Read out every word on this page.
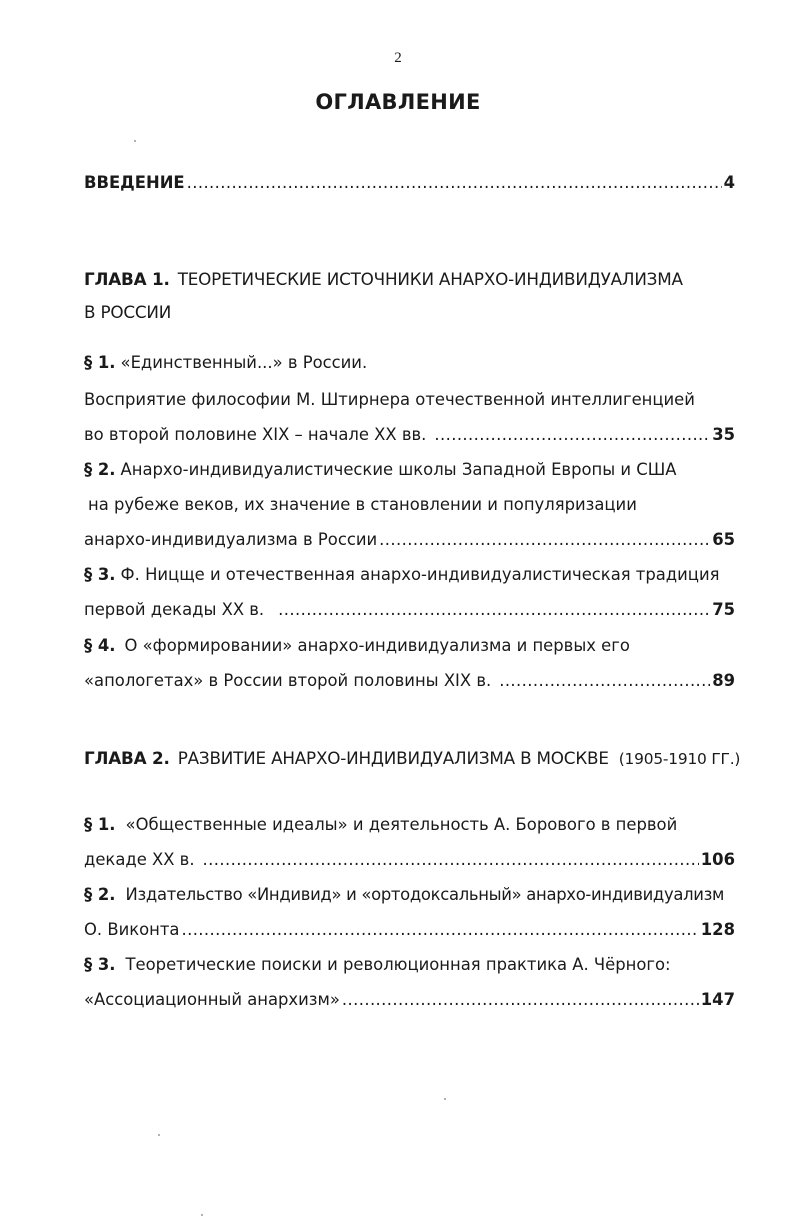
2
ОГЛАВЛЕНИЕ
ВВЕДЕНИЕ .....	4
ГЛАВА 1. ТЕОРЕТИЧЕСКИЕ ИСТОЧНИКИ АНАРХО-ИНДИВИДУАЛИЗМА
В РОССИИ
§ 1. «Единственный...» в России.
Восприятие философии М. Штирнера отечественной интеллигенцией
во второй половине XIX – начале XX вв. .....	35
§ 2. Анархо-индивидуалистические школы Западной Европы и США
на рубеже веков, их значение в становлении и популяризации
анархо-индивидуализма в России .....	65
§ 3. Ф. Ницще и отечественная анархо-индивидуалистическая традиция
первой декады XX в. .....	75
§ 4. О «формировании» анархо-индивидуализма и первых его
«апологетах» в России второй половины XIX в. .....	89
ГЛАВА 2. РАЗВИТИЕ АНАРХО-ИНДИВИДУАЛИЗМА В МОСКВЕ (1905-1910 ГГ.)
§ 1. «Общественные идеалы» и деятельность А. Борового в первой
декаде XX в. .....	106
§ 2. Издательство «Индивид» и «ортодоксальный» анархо-индивидуализм
О. Виконта .....	128
§ 3. Теоретические поиски и революционная практика А. Чёрного:
«Ассоциационный анархизм» .....	147
